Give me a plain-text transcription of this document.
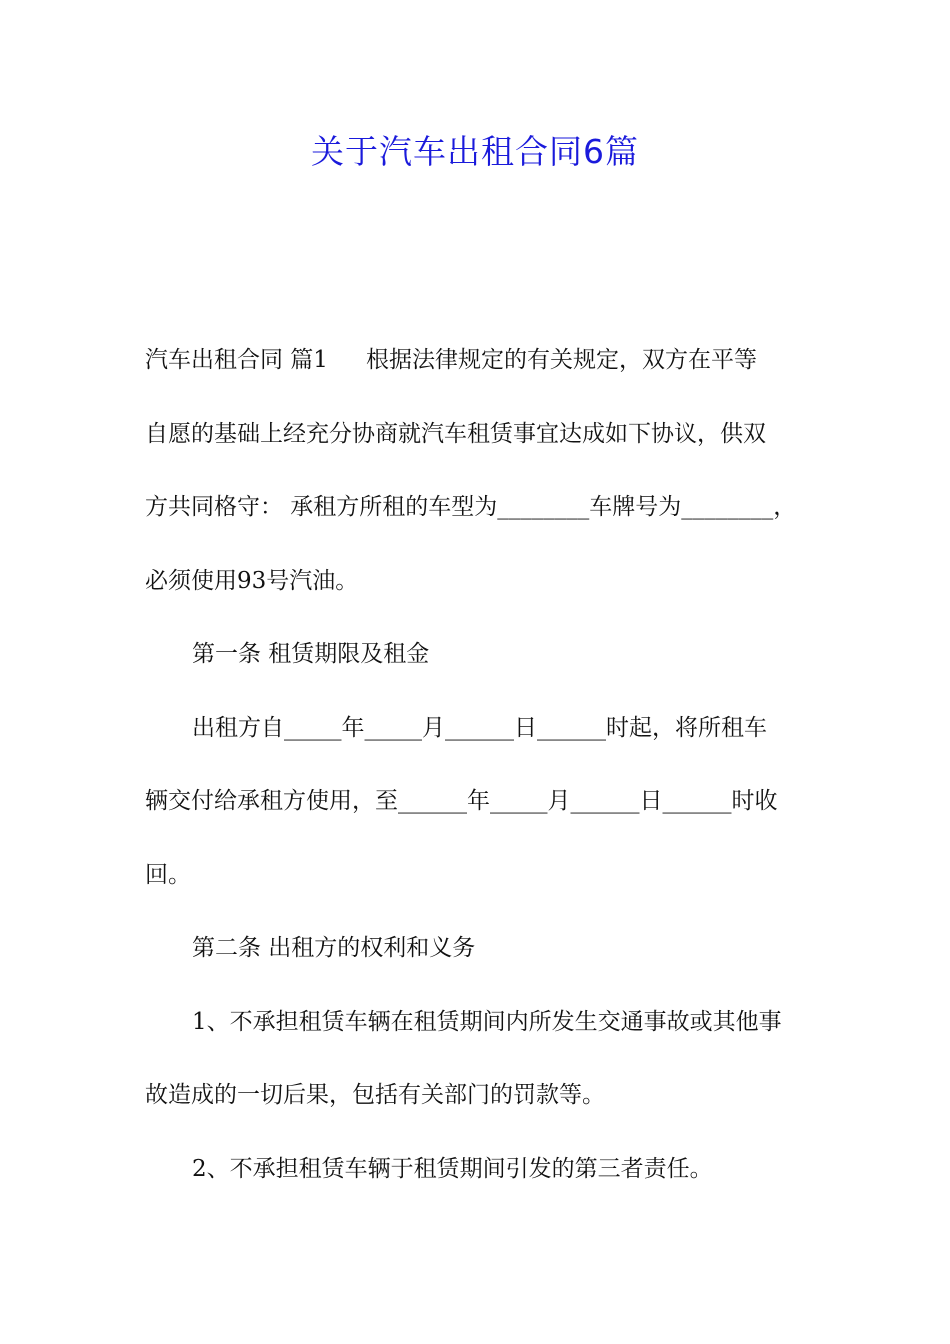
关于汽车出租合同6篇
汽车出租合同 篇1 根据法律规定的有关规定，双方在平等
自愿的基础上经充分协商就汽车租赁事宜达成如下协议，供双
方共同格守： 承租方所租的车型为________车牌号为________，
必须使用93号汽油。
第一条 租赁期限及租金
出租方自_____年_____月______日______时起，将所租车
辆交付给承租方使用，至______年_____月______日______时收
回。
第二条 出租方的权利和义务
1、不承担租赁车辆在租赁期间内所发生交通事故或其他事
故造成的一切后果，包括有关部门的罚款等。
2、不承担租赁车辆于租赁期间引发的第三者责任。
